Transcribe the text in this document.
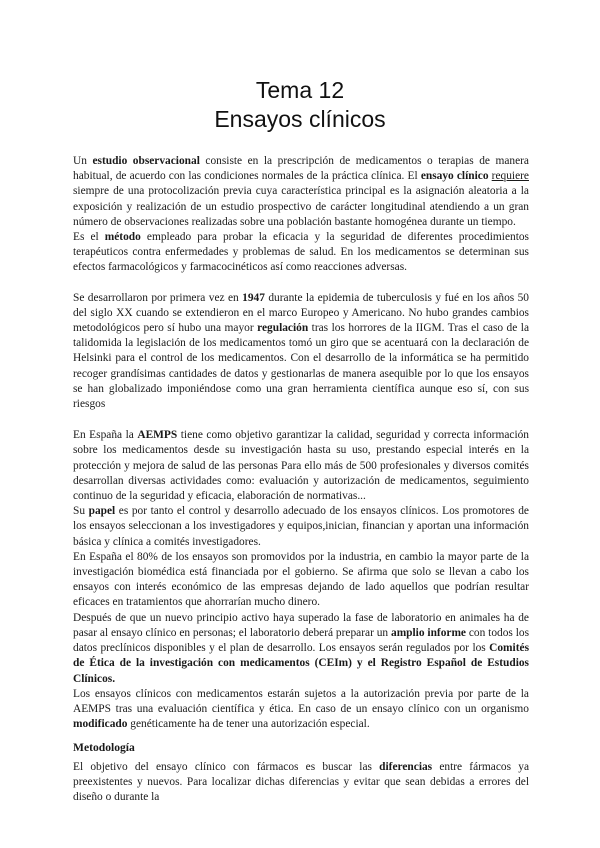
Tema 12
Ensayos clínicos

Un estudio observacional consiste en la prescripción de medicamentos o terapias de manera habitual, de acuerdo con las condiciones normales de la práctica clínica. El ensayo clínico requiere siempre de una protocolización previa cuya característica principal es la asignación aleatoria a la exposición y realización de un estudio prospectivo de carácter longitudinal atendiendo a un gran número de observaciones realizadas sobre una población bastante homogénea durante un tiempo.

Es el método empleado para probar la eficacia y la seguridad de diferentes procedimientos terapéuticos contra enfermedades y problemas de salud. En los medicamentos se determinan sus efectos farmacológicos y farmacocinéticos así como reacciones adversas.

Se desarrollaron por primera vez en 1947 durante la epidemia de tuberculosis y fué en los años 50 del siglo XX cuando se extendieron en el marco Europeo y Americano. No hubo grandes cambios metodológicos pero sí hubo una mayor regulación tras los horrores de la IIGM. Tras el caso de la talidomida la legislación de los medicamentos tomó un giro que se acentuará con la declaración de Helsinki para el control de los medicamentos. Con el desarrollo de la informática se ha permitido recoger grandísimas cantidades de datos y gestionarlas de manera asequible por lo que los ensayos se han globalizado imponiéndose como una gran herramienta científica aunque eso sí, con sus riesgos

En España la AEMPS tiene como objetivo garantizar la calidad, seguridad y correcta información sobre los medicamentos desde su investigación hasta su uso, prestando especial interés en la protección y mejora de salud de las personas Para ello más de 500 profesionales y diversos comités desarrollan diversas actividades como: evaluación y autorización de medicamentos, seguimiento continuo de la seguridad y eficacia, elaboración de normativas...

Su papel es por tanto el control y desarrollo adecuado de los ensayos clínicos. Los promotores de los ensayos seleccionan a los investigadores y equipos,inician, financian y aportan una información básica y clínica a comités investigadores.

En España el 80% de los ensayos son promovidos por la industria, en cambio la mayor parte de la investigación biomédica está financiada por el gobierno. Se afirma que solo se llevan a cabo los ensayos con interés económico de las empresas dejando de lado aquellos que podrían resultar eficaces en tratamientos que ahorrarían mucho dinero.

Después de que un nuevo principio activo haya superado la fase de laboratorio en animales ha de pasar al ensayo clínico en personas; el laboratorio deberá preparar un amplio informe con todos los datos preclínicos disponibles y el plan de desarrollo. Los ensayos serán regulados por los Comités de Ética de la investigación con medicamentos (CEIm) y el Registro Español de Estudios Clínicos.

Los ensayos clínicos con medicamentos estarán sujetos a la autorización previa por parte de la AEMPS tras una evaluación científica y ética. En caso de un ensayo clínico con un organismo modificado genéticamente ha de tener una autorización especial.

Metodología

El objetivo del ensayo clínico con fármacos es buscar las diferencias entre fármacos ya preexistentes y nuevos. Para localizar dichas diferencias y evitar que sean debidas a errores del diseño o durante la
